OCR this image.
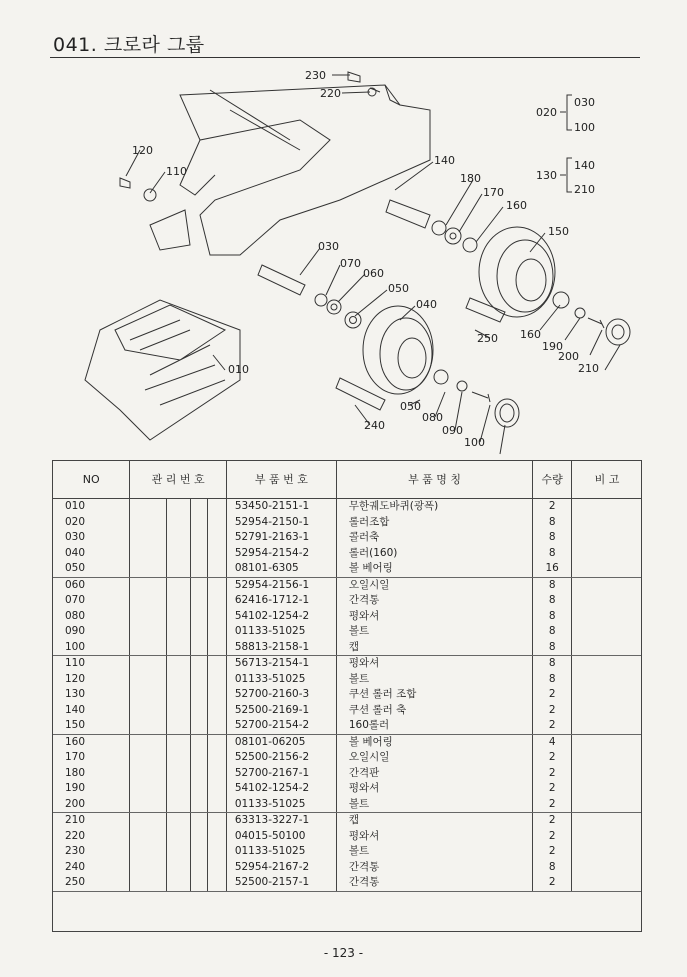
041. 크로라 그룹
230
220
120
110
140
180
170
160
150
030
070
060
050
040
010
250 160
190
200
210
050
080
090
100
240
020
030
100
130
140
210
NO	관 리 번 호				부 품 번 호	부 품 명 칭	수량	비 고
010					53450-2151-1	무한궤도바퀴(광폭)	2	
020					52954-2150-1	롤러조합	8	
030					52791-2163-1	콜러축	8	
040					52954-2154-2	롤러(160)	8	
050					08101-6305	볼 베어링	16	
060					52954-2156-1	오일시일	8	
070					62416-1712-1	간격통	8	
080					54102-1254-2	평와셔	8	
090					01133-51025	볼트	8	
100					58813-2158-1	캡	8	
110					56713-2154-1	평와셔	8	
120					01133-51025	볼트	8	
130					52700-2160-3	쿠션 롤러 조합	2	
140					52500-2169-1	쿠션 롤러 축	2	
150					52700-2154-2	160롤러	2	
160					08101-06205	볼 베어링	4	
170					52500-2156-2	오일시일	2	
180					52700-2167-1	간격판	2	
190					54102-1254-2	평와셔	2	
200					01133-51025	볼트	2	
210					63313-3227-1	캡	2	
220					04015-50100	평와셔	2	
230					01133-51025	볼트	2	
240					52954-2167-2	간격통	8	
250					52500-2157-1	간격통	2	
- 123 -
